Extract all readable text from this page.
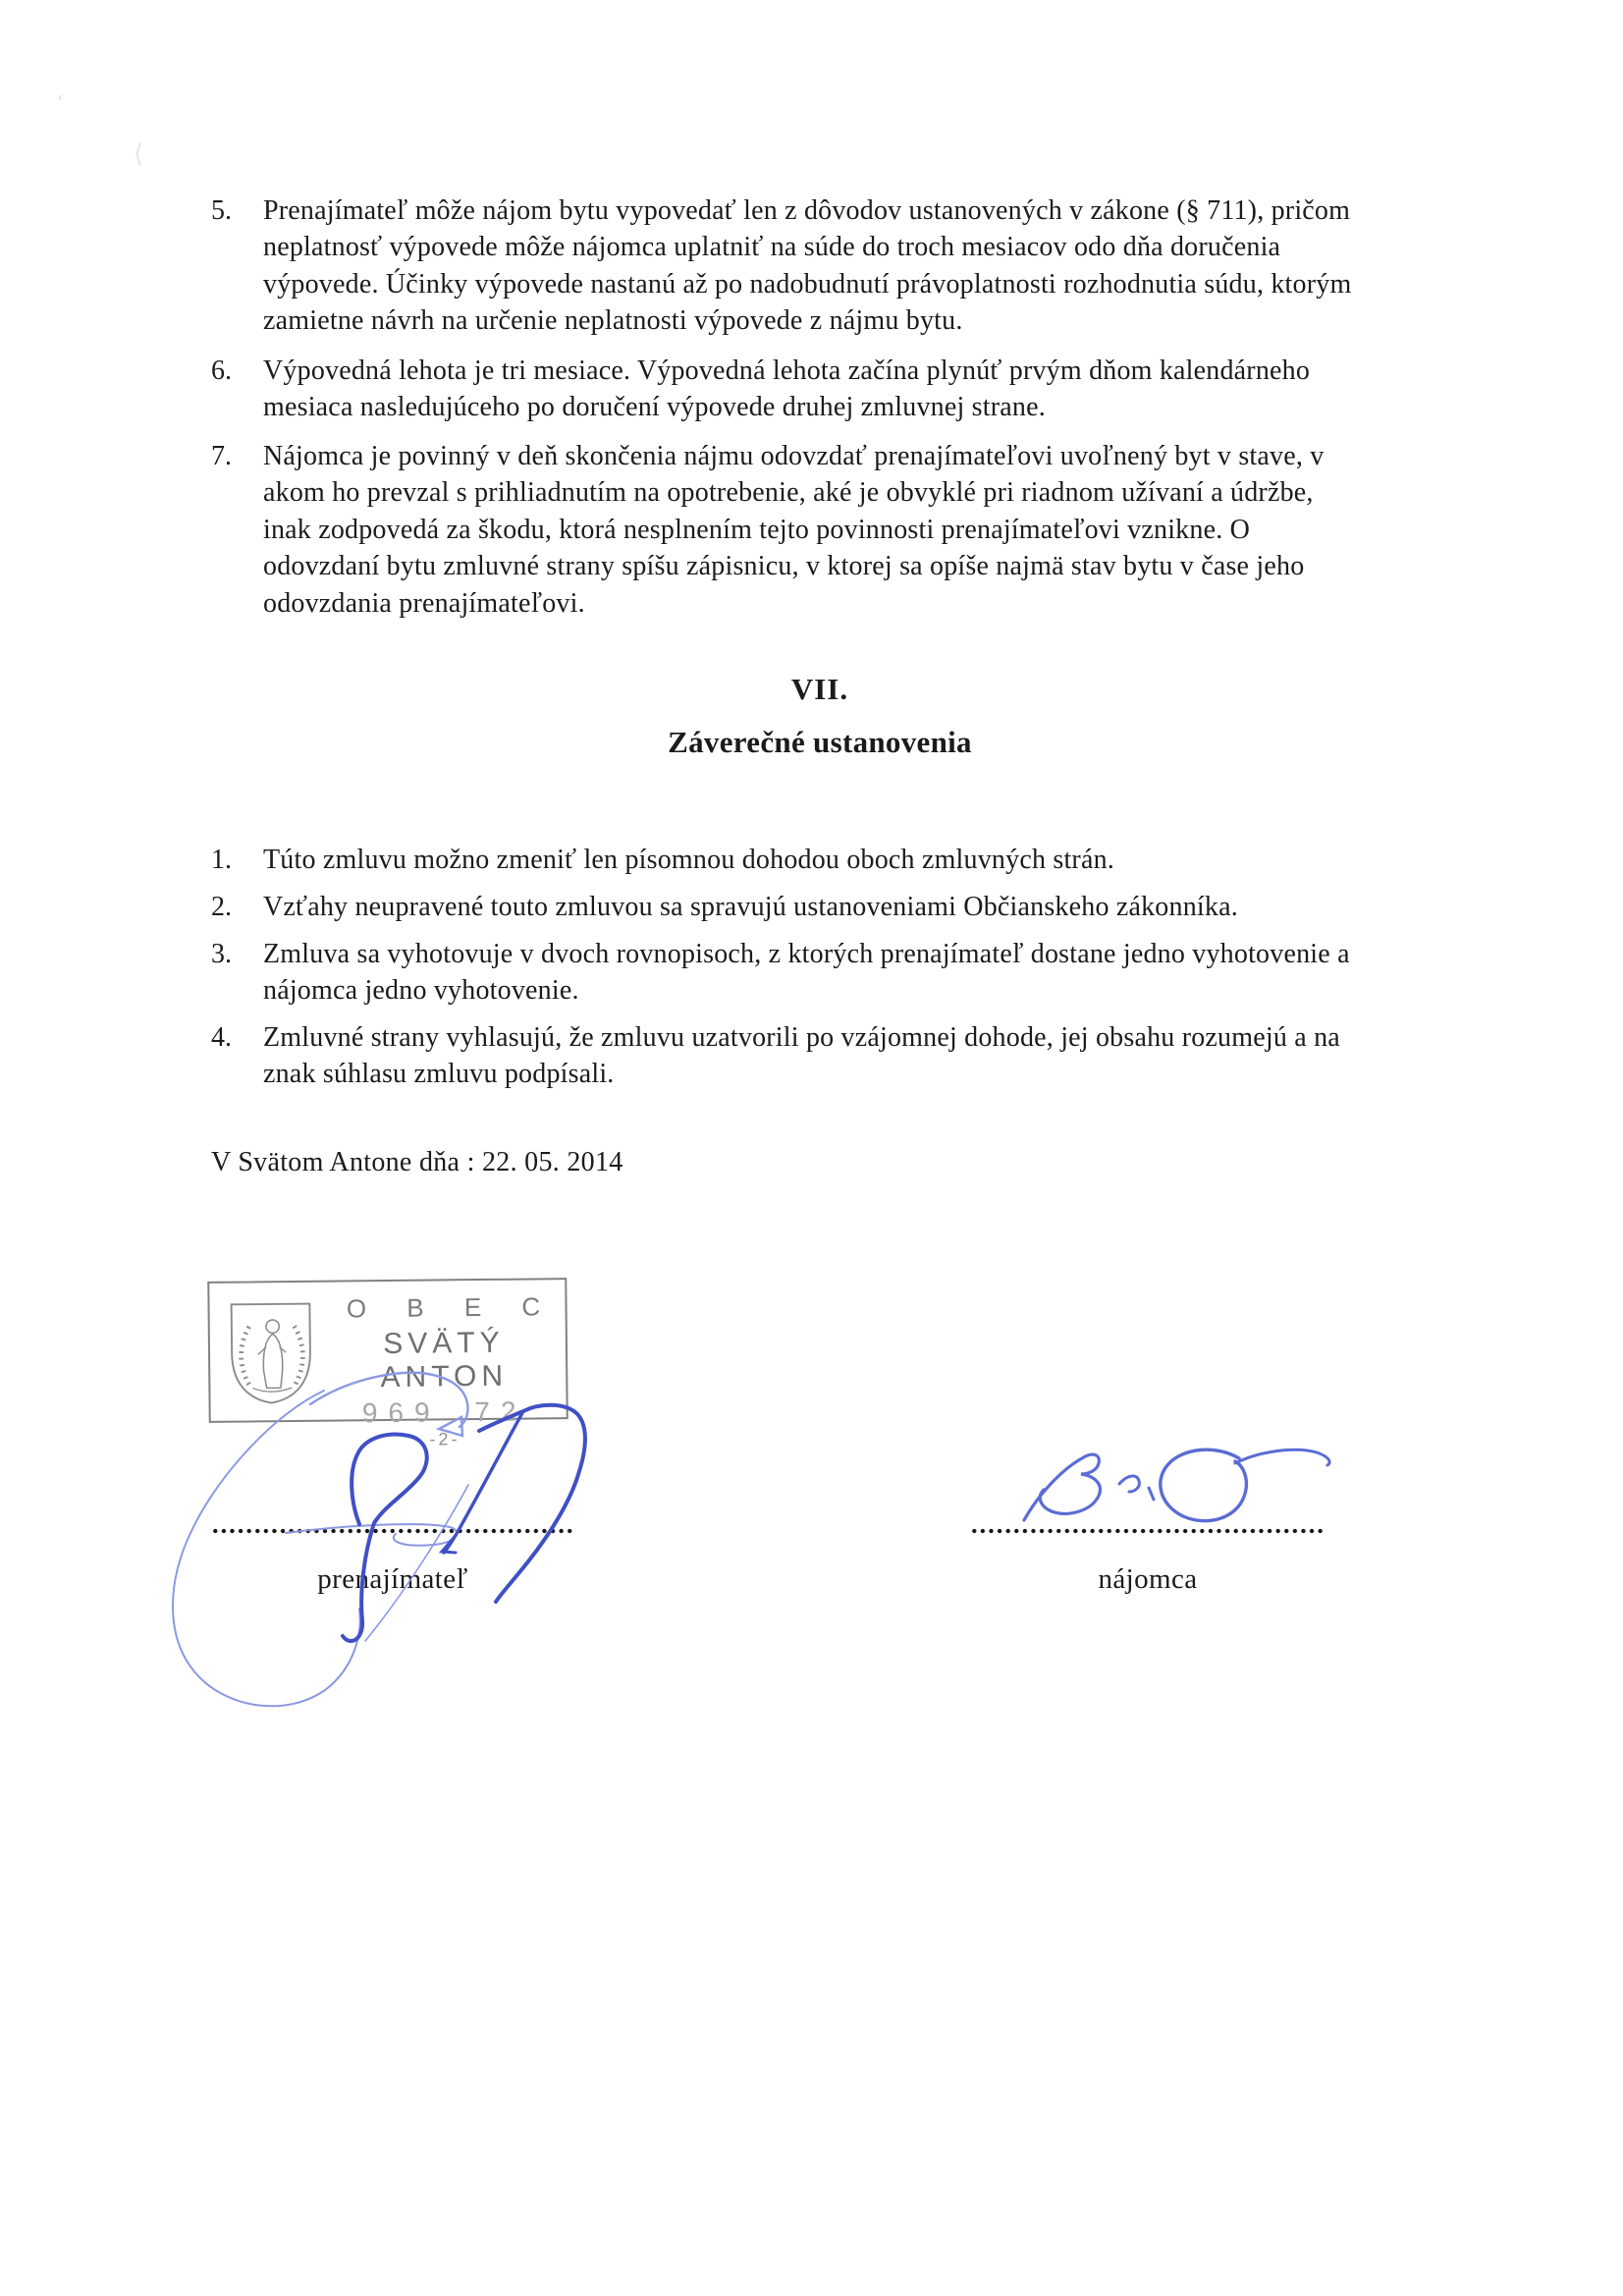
⸲
⟨
5. Prenajímateľ môže nájom bytu vypovedať len z dôvodov ustanovených v zákone (§ 711), pričom
neplatnosť výpovede môže nájomca uplatniť na súde do troch mesiacov odo dňa doručenia
výpovede. Účinky výpovede nastanú až po nadobudnutí právoplatnosti rozhodnutia súdu, ktorým
zamietne návrh na určenie neplatnosti výpovede z nájmu bytu.
6. Výpovedná lehota je tri mesiace. Výpovedná lehota začína plynúť prvým dňom kalendárneho
mesiaca nasledujúceho po doručení výpovede druhej zmluvnej strane.
7. Nájomca je povinný v deň skončenia nájmu odovzdať prenajímateľovi uvoľnený byt v stave, v
akom ho prevzal s prihliadnutím na opotrebenie, aké je obvyklé pri riadnom užívaní a údržbe,
inak zodpovedá za škodu, ktorá nesplnením tejto povinnosti prenajímateľovi vznikne. O
odovzdaní bytu zmluvné strany spíšu zápisnicu, v ktorej sa opíše najmä stav bytu v čase jeho
odovzdania prenajímateľovi.
VII.
Záverečné ustanovenia
1. Túto zmluvu možno zmeniť len písomnou dohodou oboch zmluvných strán.
2. Vzťahy neupravené touto zmluvou sa spravujú ustanoveniami Občianskeho zákonníka.
3. Zmluva sa vyhotovuje v dvoch rovnopisoch, z ktorých prenajímateľ dostane jedno vyhotovenie a
nájomca jedno vyhotovenie.
4. Zmluvné strany vyhlasujú, že zmluvu uzatvorili po vzájomnej dohode, jej obsahu rozumejú a na
znak súhlasu zmluvu podpísali.
V Svätom Antone dňa : 22. 05. 2014
O B E C
SVÄTÝ ANTON
969 72
-2-
prenajímateľ	nájomca
